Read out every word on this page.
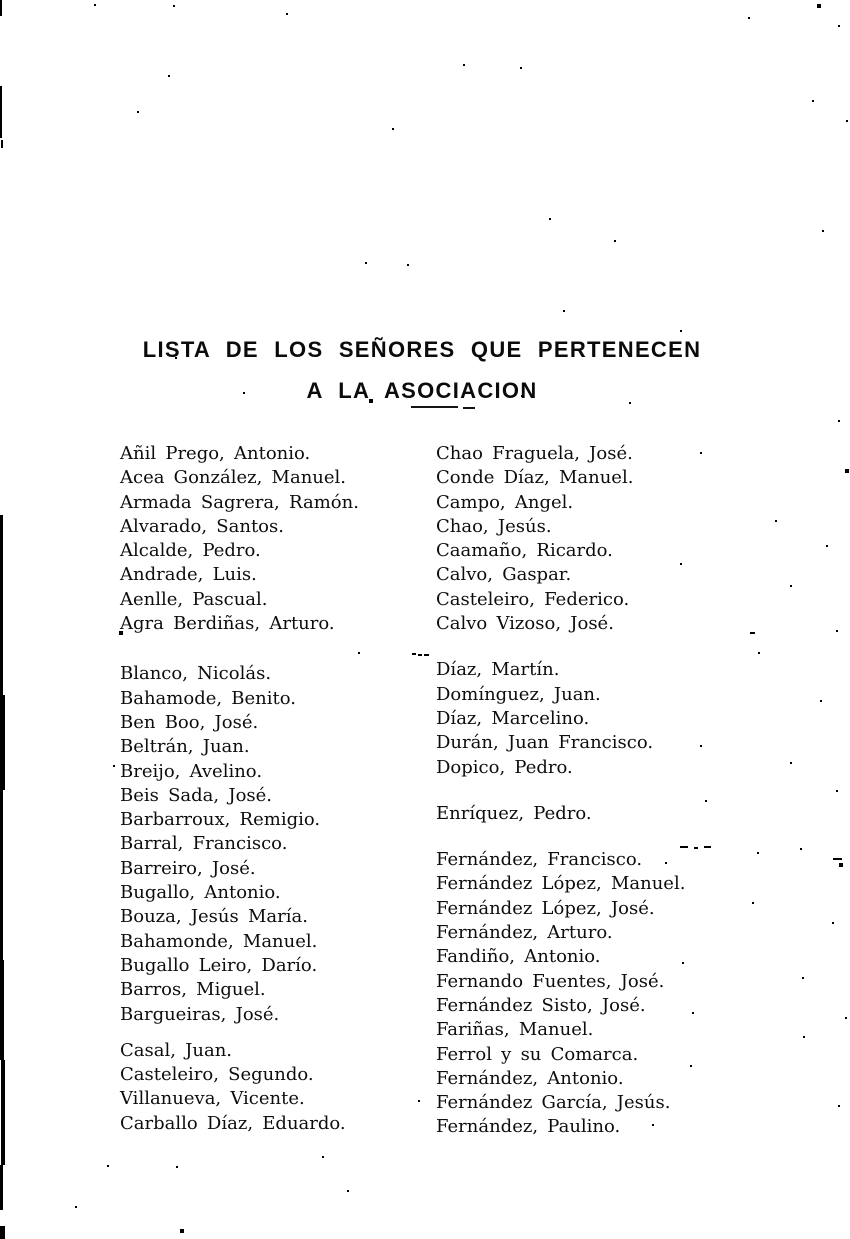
LISTA DE LOS SEÑORES QUE PERTENECEN
A LA ASOCIACION
Añil Prego, Antonio.
Acea González, Manuel.
Armada Sagrera, Ramón.
Alvarado, Santos.
Alcalde, Pedro.
Andrade, Luis.
Aenlle, Pascual.
Agra Berdiñas, Arturo.
Blanco, Nicolás.
Bahamode, Benito.
Ben Boo, José.
Beltrán, Juan.
Breijo, Avelino.
Beis Sada, José.
Barbarroux, Remigio.
Barral, Francisco.
Barreiro, José.
Bugallo, Antonio.
Bouza, Jesús María.
Bahamonde, Manuel.
Bugallo Leiro, Darío.
Barros, Miguel.
Bargueiras, José.
Casal, Juan.
Casteleiro, Segundo.
Villanueva, Vicente.
Carballo Díaz, Eduardo.
Chao Fraguela, José.
Conde Díaz, Manuel.
Campo, Angel.
Chao, Jesús.
Caamaño, Ricardo.
Calvo, Gaspar.
Casteleiro, Federico.
Calvo Vizoso, José.
Díaz, Martín.
Domínguez, Juan.
Díaz, Marcelino.
Durán, Juan Francisco.
Dopico, Pedro.
Enríquez, Pedro.
Fernández, Francisco.
Fernández López, Manuel.
Fernández López, José.
Fernández, Arturo.
Fandiño, Antonio.
Fernando Fuentes, José.
Fernández Sisto, José.
Fariñas, Manuel.
Ferrol y su Comarca.
Fernández, Antonio.
Fernández García, Jesús.
Fernández, Paulino.
